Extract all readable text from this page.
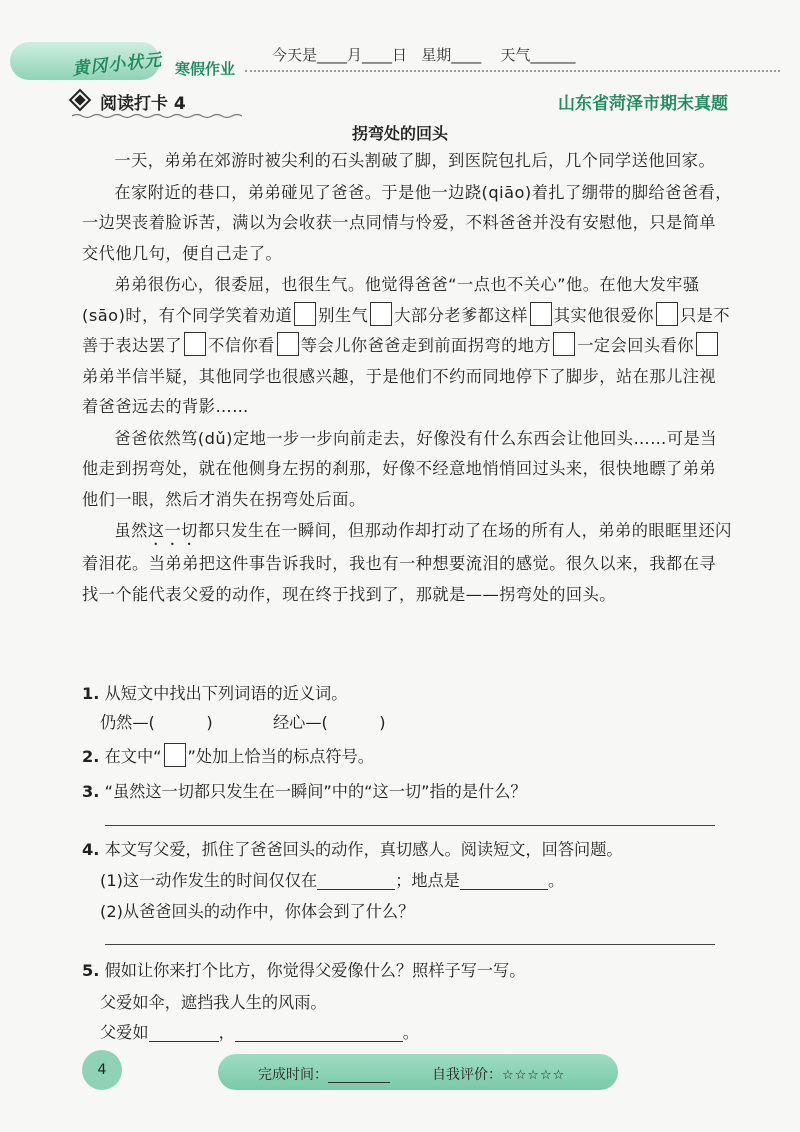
黄冈小状元 寒假作业
今天是____月____日   星期____    天气______
阅读打卡 4	山东省菏泽市期末真题
拐弯处的回头

一天，弟弟在郊游时被尖利的石头割破了脚，到医院包扎后，几个同学送他回家。

在家附近的巷口，弟弟碰见了爸爸。于是他一边跷(qiāo)着扎了绷带的脚给爸爸看，一边哭丧着脸诉苦，满以为会收获一点同情与怜爱，不料爸爸并没有安慰他，只是简单交代他几句，便自己走了。

弟弟很伤心，很委屈，也很生气。他觉得爸爸“一点也不关心”他。在他大发牢骚(sāo)时，有个同学笑着劝道 别生气 大部分老爹都这样 其实他很爱你 只是不善于表达罢了 不信你看 等会儿你爸爸走到前面拐弯的地方 一定会回头看你弟弟半信半疑，其他同学也很感兴趣，于是他们不约而同地停下了脚步，站在那儿注视着爸爸远去的背影……

爸爸依然笃(dǔ)定地一步一步向前走去，好像没有什么东西会让他回头……可是当他走到拐弯处，就在他侧身左拐的刹那，好像不经意地悄悄回过头来，很快地瞟了弟弟他们一眼，然后才消失在拐弯处后面。

虽然这一切都只发生在一瞬间，但那动作却打动了在场的所有人，弟弟的眼眶里还闪着泪花。当弟弟把这件事告诉我时，我也有一种想要流泪的感觉。很久以来，我都在寻找一个能代表父爱的动作，现在终于找到了，那就是——拐弯处的回头。

1. 从短文中找出下列词语的近义词。
仍然—(          )	经心—(          )
2. 在文中“ ”处加上恰当的标点符号。
3. “虽然这一切都只发生在一瞬间”中的“这一切”指的是什么？
4. 本文写父爱，抓住了爸爸回头的动作，真切感人。阅读短文，回答问题。
(1)这一动作发生的时间仅仅在	；地点是	。
(2)从爸爸回头的动作中，你体会到了什么？
5. 假如让你来打个比方，你觉得父爱像什么？照样子写一写。
父爱如伞，遮挡我人生的风雨。
父爱如	，	。
4	完成时间：	自我评价：☆☆☆☆☆
